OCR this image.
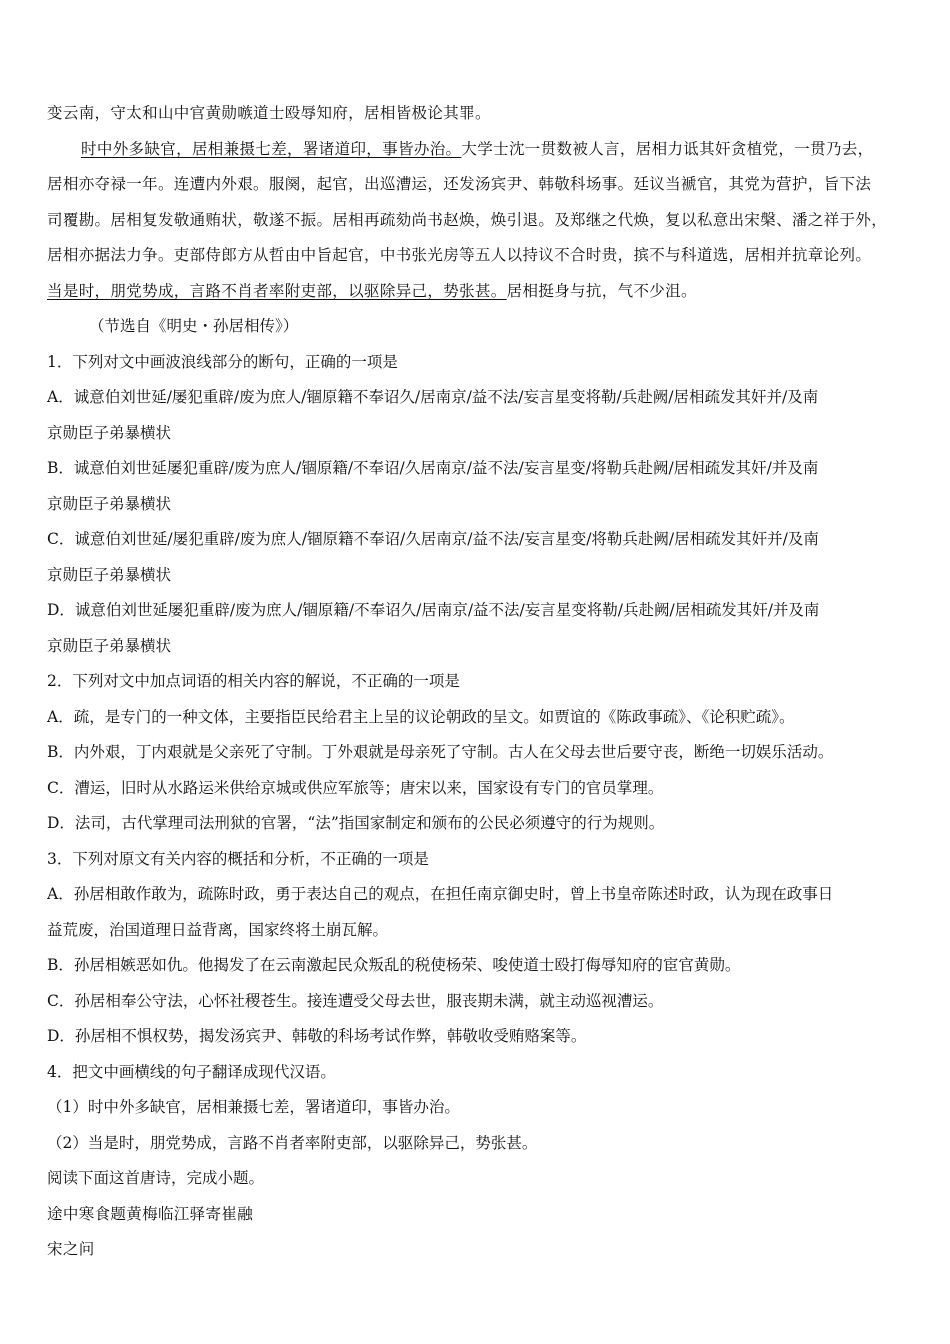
变云南，守太和山中官黄勋嗾道士殴辱知府，居相皆极论其罪。
时中外多缺官，居相兼摄七差，署诸道印，事皆办治。大学士沈一贯数被人言，居相力诋其奸贪植党，一贯乃去，
居相亦夺禄一年。连遭内外艰。服阕，起官，出巡漕运，还发汤宾尹、韩敬科场事。廷议当褫官，其党为营护，旨下法
司覆勘。居相复发敬通贿状，敬遂不振。居相再疏劾尚书赵焕，焕引退。及郑继之代焕，复以私意出宋槃、潘之祥于外，
居相亦据法力争。吏部侍郎方从哲由中旨起官，中书张光房等五人以持议不合时贵，摈不与科道选，居相并抗章论列。
当是时，朋党势成，言路不肖者率附吏部，以驱除异己，势张甚。居相挺身与抗，气不少沮。
（节选自《明史・孙居相传》）
1．下列对文中画波浪线部分的断句，正确的一项是
A．诚意伯刘世延/屡犯重辟/废为庶人/锢原籍不奉诏久/居南京/益不法/妄言星变将勒/兵赴阙/居相疏发其奸并/及南
京勋臣子弟暴横状
B．诚意伯刘世延屡犯重辟/废为庶人/锢原籍/不奉诏/久居南京/益不法/妄言星变/将勒兵赴阙/居相疏发其奸/并及南
京勋臣子弟暴横状
C．诚意伯刘世延/屡犯重辟/废为庶人/锢原籍不奉诏/久居南京/益不法/妄言星变/将勒兵赴阙/居相疏发其奸并/及南
京勋臣子弟暴横状
D．诚意伯刘世延屡犯重辟/废为庶人/锢原籍/不奉诏久/居南京/益不法/妄言星变将勒/兵赴阙/居相疏发其奸/并及南
京勋臣子弟暴横状
2．下列对文中加点词语的相关内容的解说，不正确的一项是
A．疏，是专门的一种文体，主要指臣民给君主上呈的议论朝政的呈文。如贾谊的《陈政事疏》、《论积贮疏》。
B．内外艰，丁内艰就是父亲死了守制。丁外艰就是母亲死了守制。古人在父母去世后要守丧，断绝一切娱乐活动。
C．漕运，旧时从水路运米供给京城或供应军旅等；唐宋以来，国家设有专门的官员掌理。
D．法司，古代掌理司法刑狱的官署，“法”指国家制定和颁布的公民必须遵守的行为规则。
3．下列对原文有关内容的概括和分析，不正确的一项是
A．孙居相敢作敢为，疏陈时政，勇于表达自己的观点，在担任南京御史时，曾上书皇帝陈述时政，认为现在政事日
益荒废，治国道理日益背离，国家终将土崩瓦解。
B．孙居相嫉恶如仇。他揭发了在云南激起民众叛乱的税使杨荣、唆使道士殴打侮辱知府的宦官黄勋。
C．孙居相奉公守法，心怀社稷苍生。接连遭受父母去世，服丧期未满，就主动巡视漕运。
D．孙居相不惧权势，揭发汤宾尹、韩敬的科场考试作弊，韩敬收受贿赂案等。
4．把文中画横线的句子翻译成现代汉语。
（1）时中外多缺官，居相兼摄七差，署诸道印，事皆办治。
（2）当是时，朋党势成，言路不肖者率附吏部，以驱除异己，势张甚。
阅读下面这首唐诗，完成小题。
途中寒食题黄梅临江驿寄崔融
宋之问
